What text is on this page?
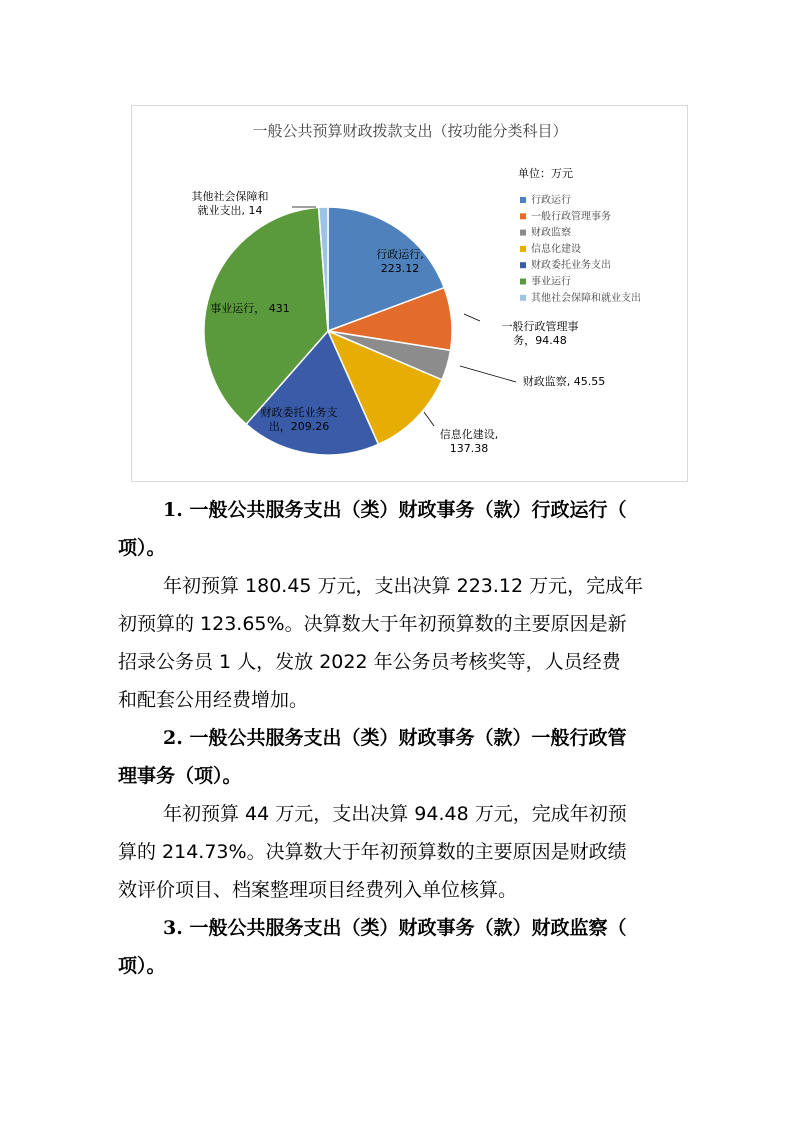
一般公共预算财政拨款支出（按功能分类科目）
单位：万元
行政运行, 223.12
一般行政管理事务，94.48
财政监察, 45.55
信息化建设, 137.38
财政委托业务支出，209.26
事业运行， 431
其他社会保障和就业支出, 14
行政运行
一般行政管理事务
财政监察
信息化建设
财政委托业务支出
事业运行
其他社会保障和就业支出
1. 一般公共服务支出（类）财政事务（款）行政运行（
项）。
年初预算 180.45 万元，支出决算 223.12 万元，完成年
初预算的 123.65%。决算数大于年初预算数的主要原因是新
招录公务员 1 人，发放 2022 年公务员考核奖等，人员经费
和配套公用经费增加。
2. 一般公共服务支出（类）财政事务（款）一般行政管
理事务（项）。
年初预算 44 万元，支出决算 94.48 万元，完成年初预
算的 214.73%。决算数大于年初预算数的主要原因是财政绩
效评价项目、档案整理项目经费列入单位核算。
3. 一般公共服务支出（类）财政事务（款）财政监察（
项）。
